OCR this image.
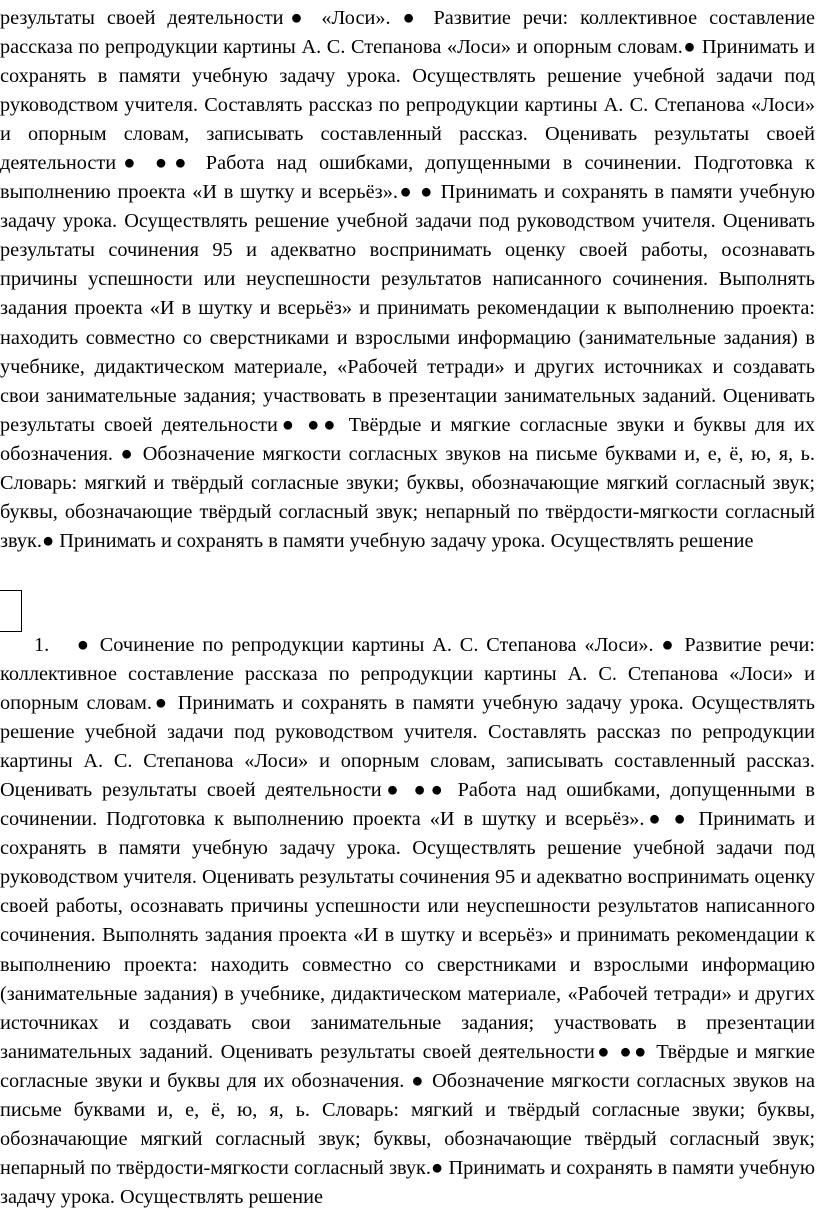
результаты своей деятельности● «Лоси». ● Развитие речи: коллективное составление рассказа по репродукции картины А. С. Степанова «Лоси» и опорным словам.● Принимать и сохранять в памяти учебную задачу урока. Осуществлять решение учебной задачи под руководством учителя. Составлять рассказ по репродукции картины А. С. Степанова «Лоси» и опорным словам, записывать составленный рассказ. Оценивать результаты своей деятельности● ●● Работа над ошибками, допущенными в сочинении. Подготовка к выполнению проекта «И в шутку и всерьёз».● ● Принимать и сохранять в памяти учебную задачу урока. Осуществлять решение учебной задачи под руководством учителя. Оценивать результаты сочинения 95 и адекватно воспринимать оценку своей работы, осознавать причины успешности или неуспешности результатов написанного сочинения. Выполнять задания проекта «И в шутку и всерьёз» и принимать рекомендации к выполнению проекта: находить совместно со сверстниками и взрослыми информацию (занимательные задания) в учебнике, дидактическом материале, «Рабочей тетради» и других источниках и создавать свои занимательные задания; участвовать в презентации занимательных заданий. Оценивать результаты своей деятельности● ●● Твёрдые и мягкие согласные звуки и буквы для их обозначения. ● Обозначение мягкости согласных звуков на письме буквами и, е, ё, ю, я, ь. Словарь: мягкий и твёрдый согласные звуки; буквы, обозначающие мягкий согласный звук; буквы, обозначающие твёрдый согласный звук; непарный по твёрдости-мягкости согласный звук.● Принимать и сохранять в памяти учебную задачу урока. Осуществлять решение

1. ● Сочинение по репродукции картины А. С. Степанова «Лоси». ● Развитие речи: коллективное составление рассказа по репродукции картины А. С. Степанова «Лоси» и опорным словам.● Принимать и сохранять в памяти учебную задачу урока. Осуществлять решение учебной задачи под руководством учителя. Составлять рассказ по репродукции картины А. С. Степанова «Лоси» и опорным словам, записывать составленный рассказ. Оценивать результаты своей деятельности● ●● Работа над ошибками, допущенными в сочинении. Подготовка к выполнению проекта «И в шутку и всерьёз».● ● Принимать и сохранять в памяти учебную задачу урока. Осуществлять решение учебной задачи под руководством учителя. Оценивать результаты сочинения 95 и адекватно воспринимать оценку своей работы, осознавать причины успешности или неуспешности результатов написанного сочинения. Выполнять задания проекта «И в шутку и всерьёз» и принимать рекомендации к выполнению проекта: находить совместно со сверстниками и взрослыми информацию (занимательные задания) в учебнике, дидактическом материале, «Рабочей тетради» и других источниках и создавать свои занимательные задания; участвовать в презентации занимательных заданий. Оценивать результаты своей деятельности● ●● Твёрдые и мягкие согласные звуки и буквы для их обозначения. ● Обозначение мягкости согласных звуков на письме буквами и, е, ё, ю, я, ь. Словарь: мягкий и твёрдый согласные звуки; буквы, обозначающие мягкий согласный звук; буквы, обозначающие твёрдый согласный звук; непарный по твёрдости-мягкости согласный звук.● Принимать и сохранять в памяти учебную задачу урока. Осуществлять решение
